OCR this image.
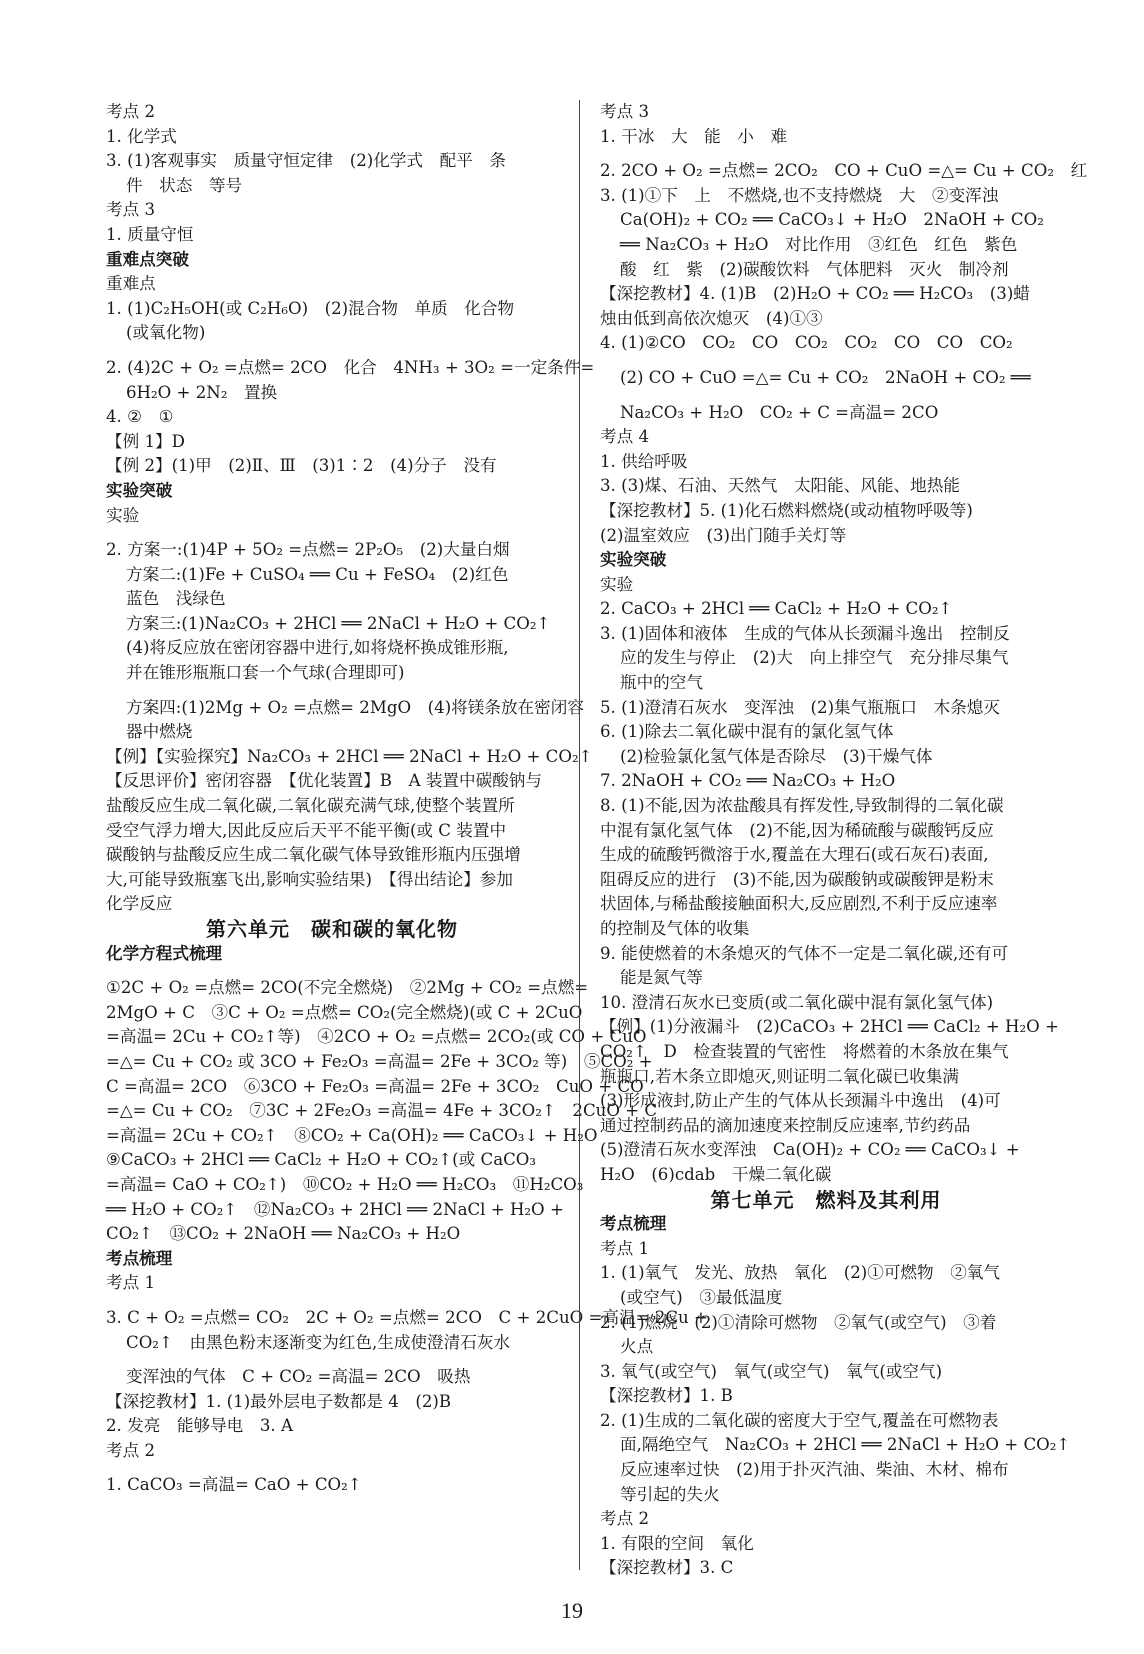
考点 2
1. 化学式
3. (1)客观事实　质量守恒定律　(2)化学式　配平　条
件　状态　等号
考点 3
1. 质量守恒
重难点突破
重难点
1. (1)C₂H₅OH(或 C₂H₆O)　(2)混合物　单质　化合物
(或氧化物)
2. (4)2C + O₂ =点燃= 2CO　化合　4NH₃ + 3O₂ =一定条件=
6H₂O + 2N₂　置换
4. ②　①
【例 1】D
【例 2】(1)甲　(2)Ⅱ、Ⅲ　(3)1∶2　(4)分子　没有
实验突破
实验
2. 方案一:(1)4P + 5O₂ =点燃= 2P₂O₅　(2)大量白烟
方案二:(1)Fe + CuSO₄ ══ Cu + FeSO₄　(2)红色
蓝色　浅绿色
方案三:(1)Na₂CO₃ + 2HCl ══ 2NaCl + H₂O + CO₂↑
(4)将反应放在密闭容器中进行,如将烧杯换成锥形瓶,
并在锥形瓶瓶口套一个气球(合理即可)
方案四:(1)2Mg + O₂ =点燃= 2MgO　(4)将镁条放在密闭容
器中燃烧
【例】【实验探究】Na₂CO₃ + 2HCl ══ 2NaCl + H₂O + CO₂↑
【反思评价】密闭容器　【优化装置】B　A 装置中碳酸钠与
盐酸反应生成二氧化碳,二氧化碳充满气球,使整个装置所
受空气浮力增大,因此反应后天平不能平衡(或 C 装置中
碳酸钠与盐酸反应生成二氧化碳气体导致锥形瓶内压强增
大,可能导致瓶塞飞出,影响实验结果)　【得出结论】参加
化学反应
第六单元　碳和碳的氧化物
化学方程式梳理
①2C + O₂ =点燃= 2CO(不完全燃烧)　②2Mg + CO₂ =点燃=
2MgO + C　③C + O₂ =点燃= CO₂(完全燃烧)(或 C + 2CuO
=高温= 2Cu + CO₂↑等)　④2CO + O₂ =点燃= 2CO₂(或 CO + CuO
=△= Cu + CO₂ 或 3CO + Fe₂O₃ =高温= 2Fe + 3CO₂ 等)　⑤CO₂ +
C =高温= 2CO　⑥3CO + Fe₂O₃ =高温= 2Fe + 3CO₂　CuO + CO
=△= Cu + CO₂　⑦3C + 2Fe₂O₃ =高温= 4Fe + 3CO₂↑　2CuO + C
=高温= 2Cu + CO₂↑　⑧CO₂ + Ca(OH)₂ ══ CaCO₃↓ + H₂O
⑨CaCO₃ + 2HCl ══ CaCl₂ + H₂O + CO₂↑(或 CaCO₃
=高温= CaO + CO₂↑)　⑩CO₂ + H₂O ══ H₂CO₃　⑪H₂CO₃
══ H₂O + CO₂↑　⑫Na₂CO₃ + 2HCl ══ 2NaCl + H₂O +
CO₂↑　⑬CO₂ + 2NaOH ══ Na₂CO₃ + H₂O
考点梳理
考点 1
3. C + O₂ =点燃= CO₂　2C + O₂ =点燃= 2CO　C + 2CuO =高温= 2Cu +
CO₂↑　由黑色粉末逐渐变为红色,生成使澄清石灰水
变浑浊的气体　C + CO₂ =高温= 2CO　吸热
【深挖教材】1. (1)最外层电子数都是 4　(2)B
2. 发亮　能够导电　3. A
考点 2
1. CaCO₃ =高温= CaO + CO₂↑
考点 3
1. 干冰　大　能　小　难
2. 2CO + O₂ =点燃= 2CO₂　CO + CuO =△= Cu + CO₂　红
3. (1)①下　上　不燃烧,也不支持燃烧　大　②变浑浊
Ca(OH)₂ + CO₂ ══ CaCO₃↓ + H₂O　2NaOH + CO₂
══ Na₂CO₃ + H₂O　对比作用　③红色　红色　紫色
酸　红　紫　(2)碳酸饮料　气体肥料　灭火　制冷剂
【深挖教材】4. (1)B　(2)H₂O + CO₂ ══ H₂CO₃　(3)蜡
烛由低到高依次熄灭　(4)①③
4. (1)②CO　CO₂　CO　CO₂　CO₂　CO　CO　CO₂
(2) CO + CuO =△= Cu + CO₂　2NaOH + CO₂ ══
Na₂CO₃ + H₂O　CO₂ + C =高温= 2CO
考点 4
1. 供给呼吸
3. (3)煤、石油、天然气　太阳能、风能、地热能
【深挖教材】5. (1)化石燃料燃烧(或动植物呼吸等)
(2)温室效应　(3)出门随手关灯等
实验突破
实验
2. CaCO₃ + 2HCl ══ CaCl₂ + H₂O + CO₂↑
3. (1)固体和液体　生成的气体从长颈漏斗逸出　控制反
应的发生与停止　(2)大　向上排空气　充分排尽集气
瓶中的空气
5. (1)澄清石灰水　变浑浊　(2)集气瓶瓶口　木条熄灭
6. (1)除去二氧化碳中混有的氯化氢气体
(2)检验氯化氢气体是否除尽　(3)干燥气体
7. 2NaOH + CO₂ ══ Na₂CO₃ + H₂O
8. (1)不能,因为浓盐酸具有挥发性,导致制得的二氧化碳
中混有氯化氢气体　(2)不能,因为稀硫酸与碳酸钙反应
生成的硫酸钙微溶于水,覆盖在大理石(或石灰石)表面,
阻碍反应的进行　(3)不能,因为碳酸钠或碳酸钾是粉末
状固体,与稀盐酸接触面积大,反应剧烈,不利于反应速率
的控制及气体的收集
9. 能使燃着的木条熄灭的气体不一定是二氧化碳,还有可
能是氮气等
10. 澄清石灰水已变质(或二氧化碳中混有氯化氢气体)
【例】(1)分液漏斗　(2)CaCO₃ + 2HCl ══ CaCl₂ + H₂O +
CO₂↑　D　检查装置的气密性　将燃着的木条放在集气
瓶瓶口,若木条立即熄灭,则证明二氧化碳已收集满
(3)形成液封,防止产生的气体从长颈漏斗中逸出　(4)可
通过控制药品的滴加速度来控制反应速率,节约药品
(5)澄清石灰水变浑浊　Ca(OH)₂ + CO₂ ══ CaCO₃↓ +
H₂O　(6)cdab　干燥二氧化碳
第七单元　燃料及其利用
考点梳理
考点 1
1. (1)氧气　发光、放热　氧化　(2)①可燃物　②氧气
(或空气)　③最低温度
2. (1)燃烧　(2)①清除可燃物　②氧气(或空气)　③着
火点
3. 氧气(或空气)　氧气(或空气)　氧气(或空气)
【深挖教材】1. B
2. (1)生成的二氧化碳的密度大于空气,覆盖在可燃物表
面,隔绝空气　Na₂CO₃ + 2HCl ══ 2NaCl + H₂O + CO₂↑
反应速率过快　(2)用于扑灭汽油、柴油、木材、棉布
等引起的失火
考点 2
1. 有限的空间　氧化
【深挖教材】3. C
19
